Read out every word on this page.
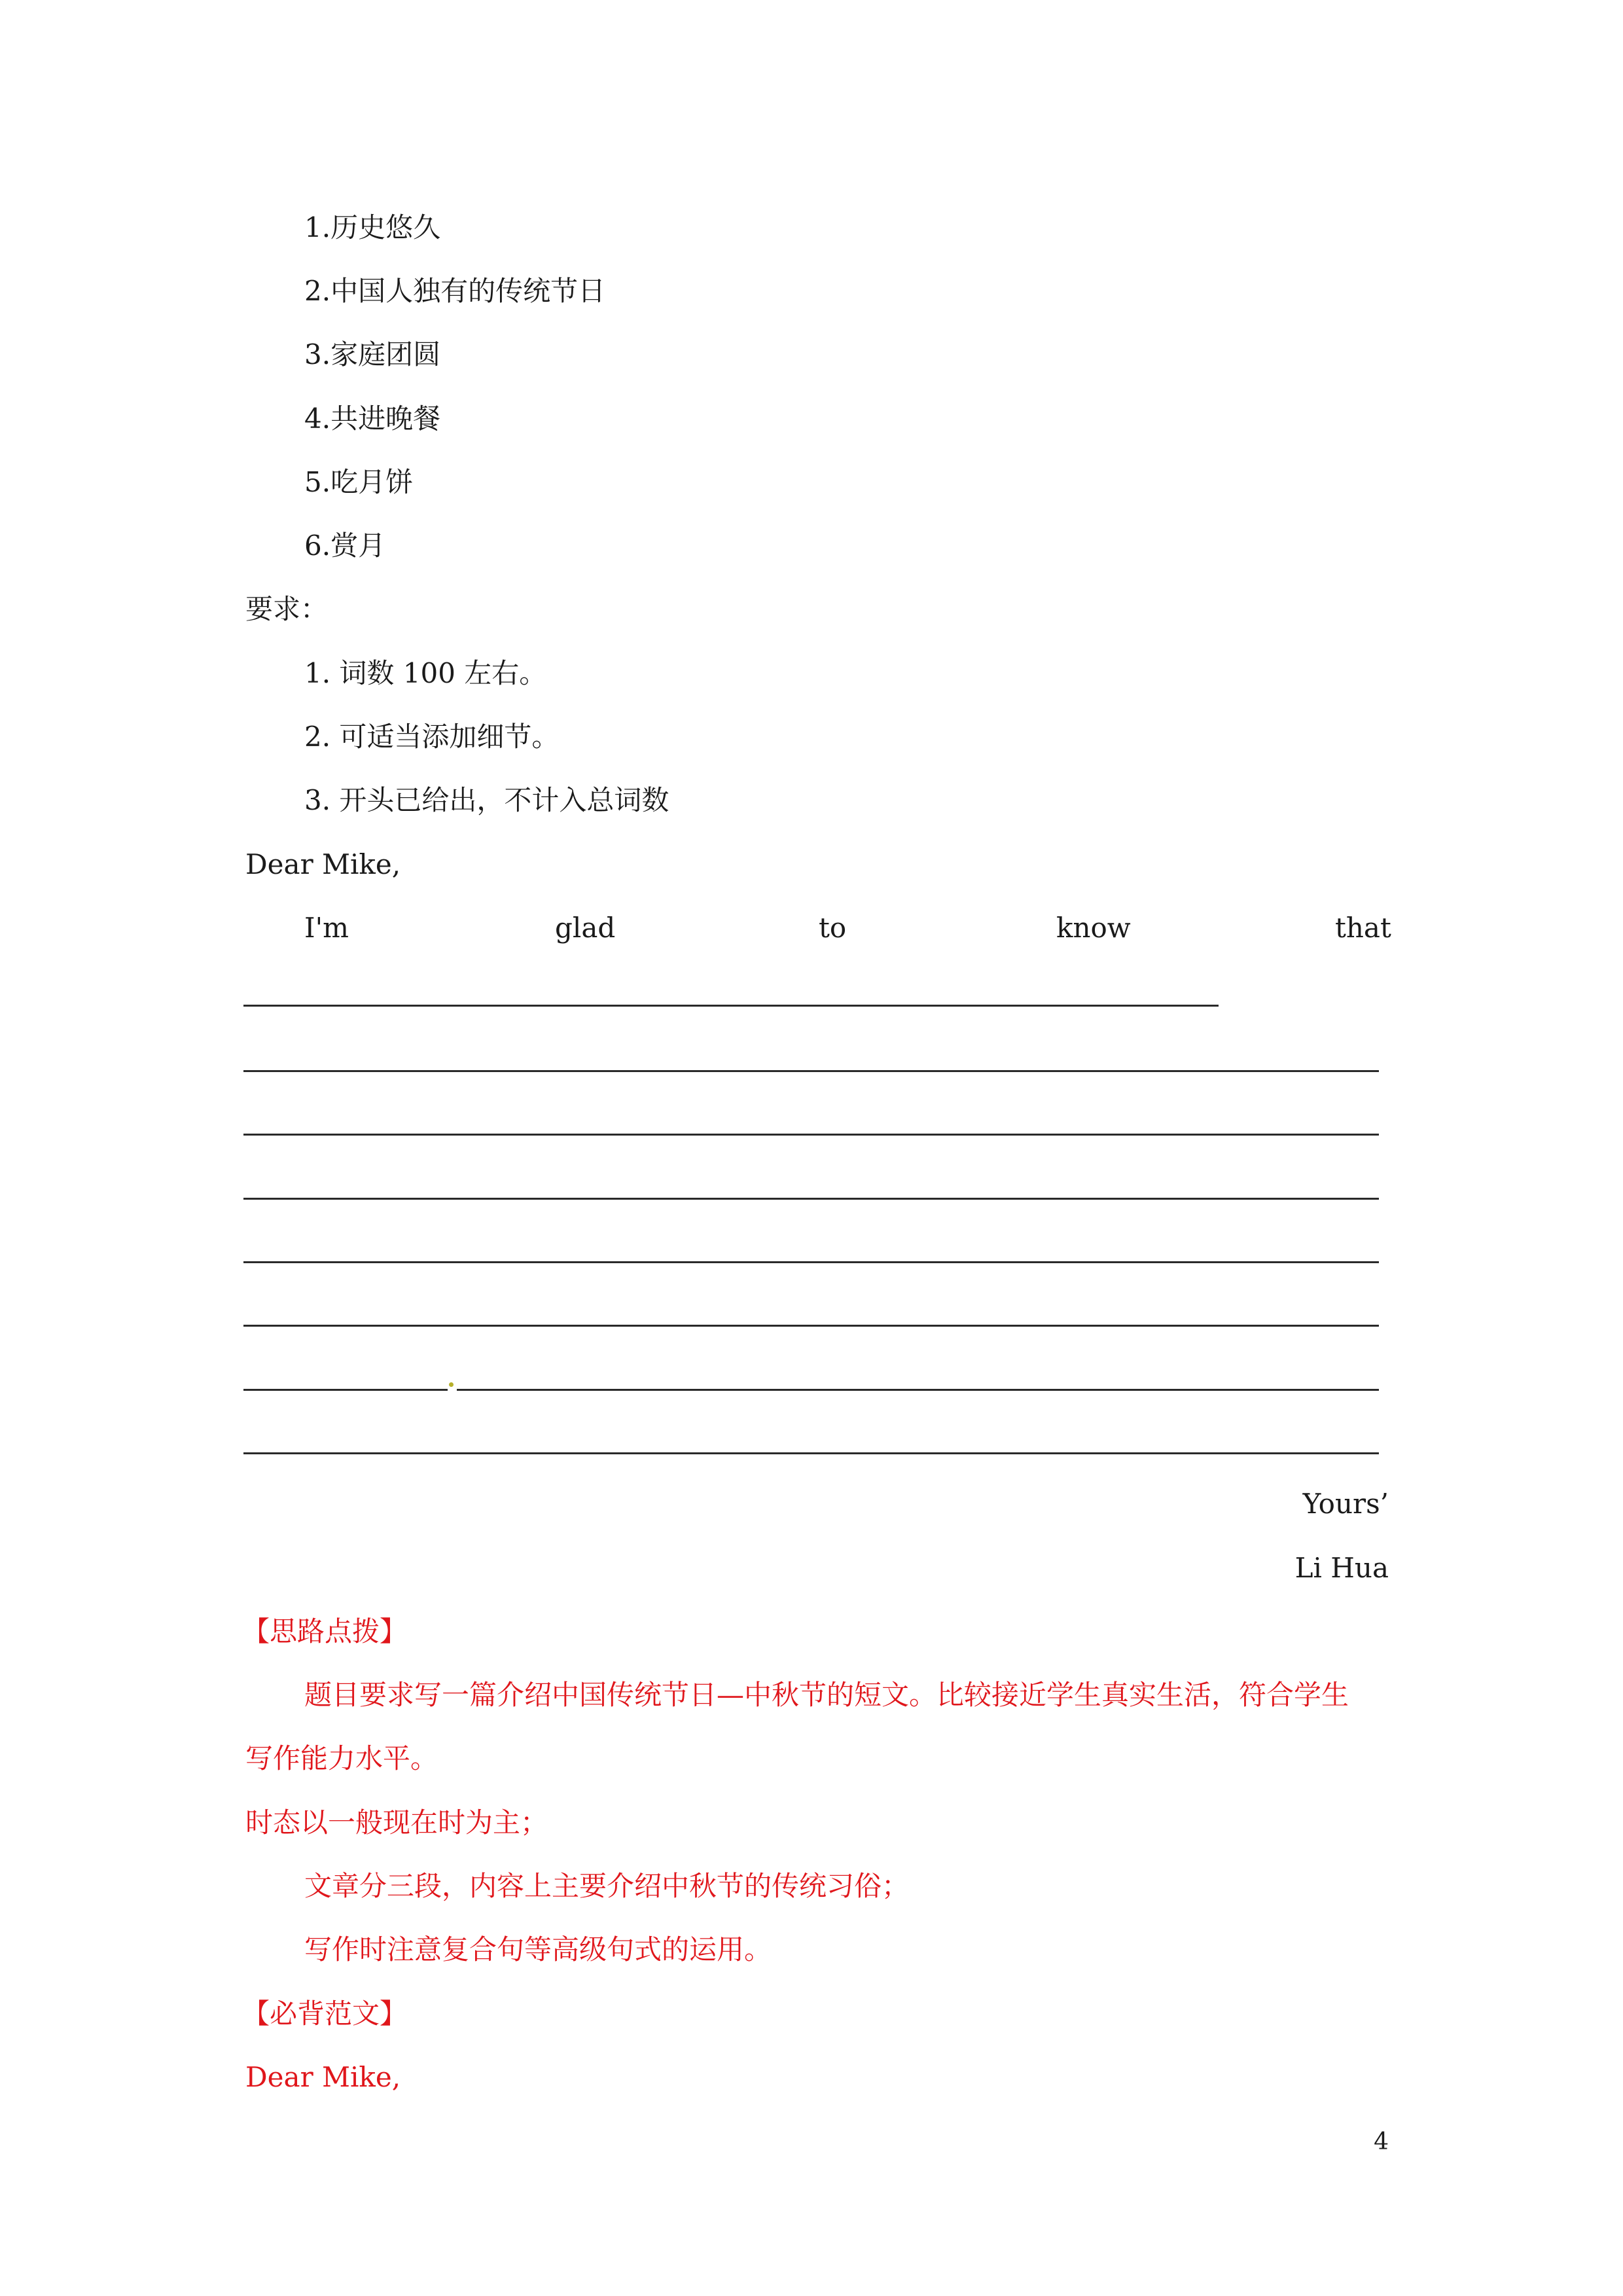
1.历史悠久
2.中国人独有的传统节日
3.家庭团圆
4.共进晚餐
5.吃月饼
6.赏月
要求：
1. 词数 100 左右。
2. 可适当添加细节。
3. 开头已给出，不计入总词数
Dear Mike,
I'm	glad	to	know	that
Yours’
Li Hua
【思路点拨】
题目要求写一篇介绍中国传统节日—中秋节的短文。比较接近学生真实生活，符合学生
写作能力水平。
时态以一般现在时为主；
文章分三段，内容上主要介绍中秋节的传统习俗；
写作时注意复合句等高级句式的运用。
【必背范文】
Dear Mike,
4
